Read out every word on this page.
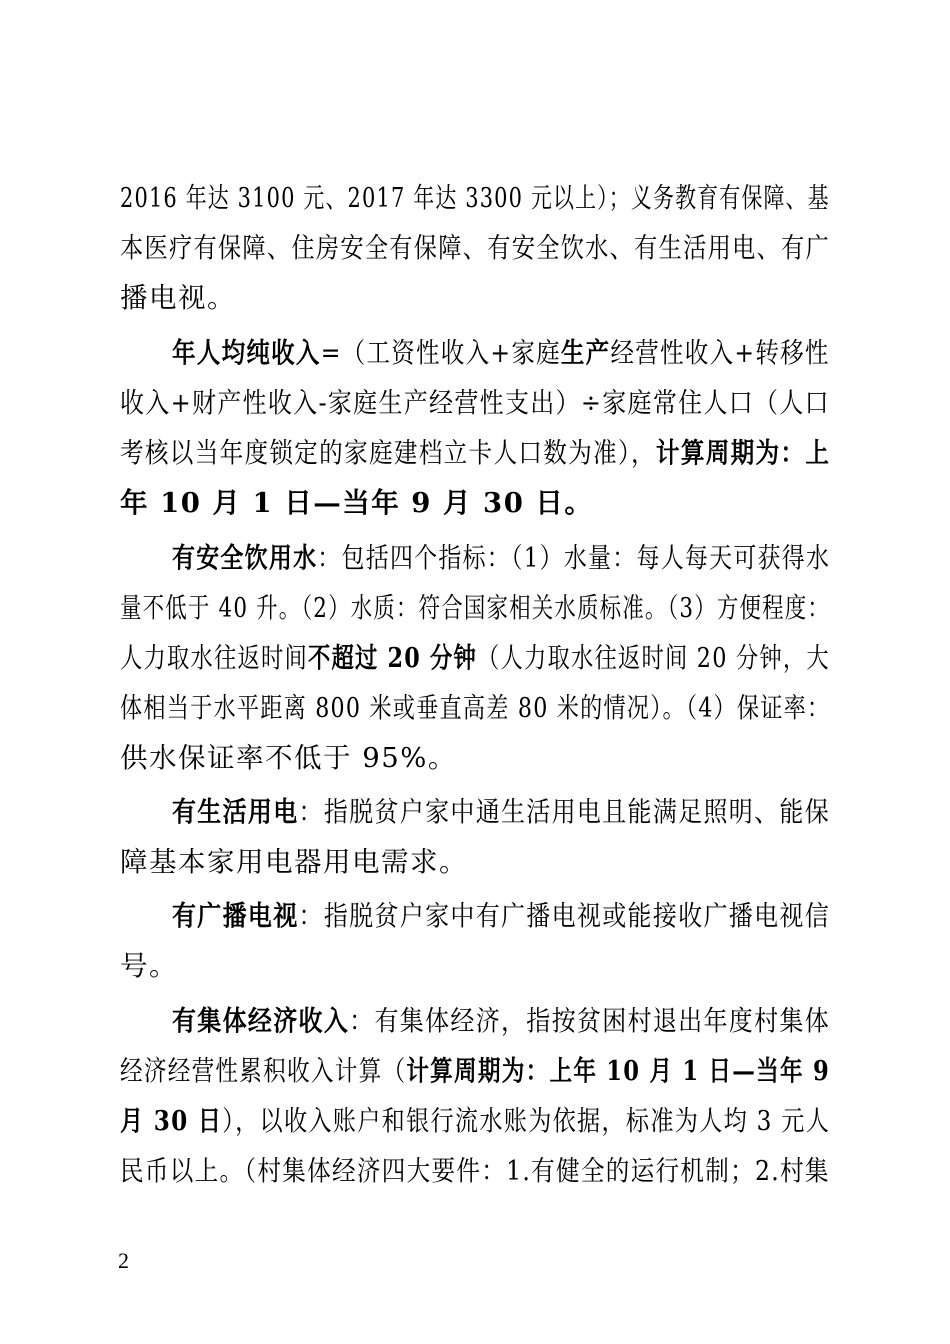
2016 年达 3100 元、2017 年达 3300 元以上）；义务教育有保障、基
本医疗有保障、住房安全有保障、有安全饮水、有生活用电、有广
播电视。
年人均纯收入=（工资性收入+家庭生产经营性收入+转移性
收入+财产性收入-家庭生产经营性支出）÷家庭常住人口（人口
考核以当年度锁定的家庭建档立卡人口数为准），计算周期为：上
年 10 月 1 日—当年 9 月 30 日。
有安全饮用水：包括四个指标：（1）水量：每人每天可获得水
量不低于 40 升。（2）水质：符合国家相关水质标准。（3）方便程度：
人力取水往返时间不超过 20 分钟（人力取水往返时间 20 分钟，大
体相当于水平距离 800 米或垂直高差 80 米的情况）。（4）保证率：
供水保证率不低于 95%。
有生活用电：指脱贫户家中通生活用电且能满足照明、能保
障基本家用电器用电需求。
有广播电视：指脱贫户家中有广播电视或能接收广播电视信
号。
有集体经济收入：有集体经济，指按贫困村退出年度村集体
经济经营性累积收入计算（计算周期为：上年 10 月 1 日—当年 9
月 30 日），以收入账户和银行流水账为依据，标准为人均 3 元人
民币以上。（村集体经济四大要件：1.有健全的运行机制；2.村集
2
